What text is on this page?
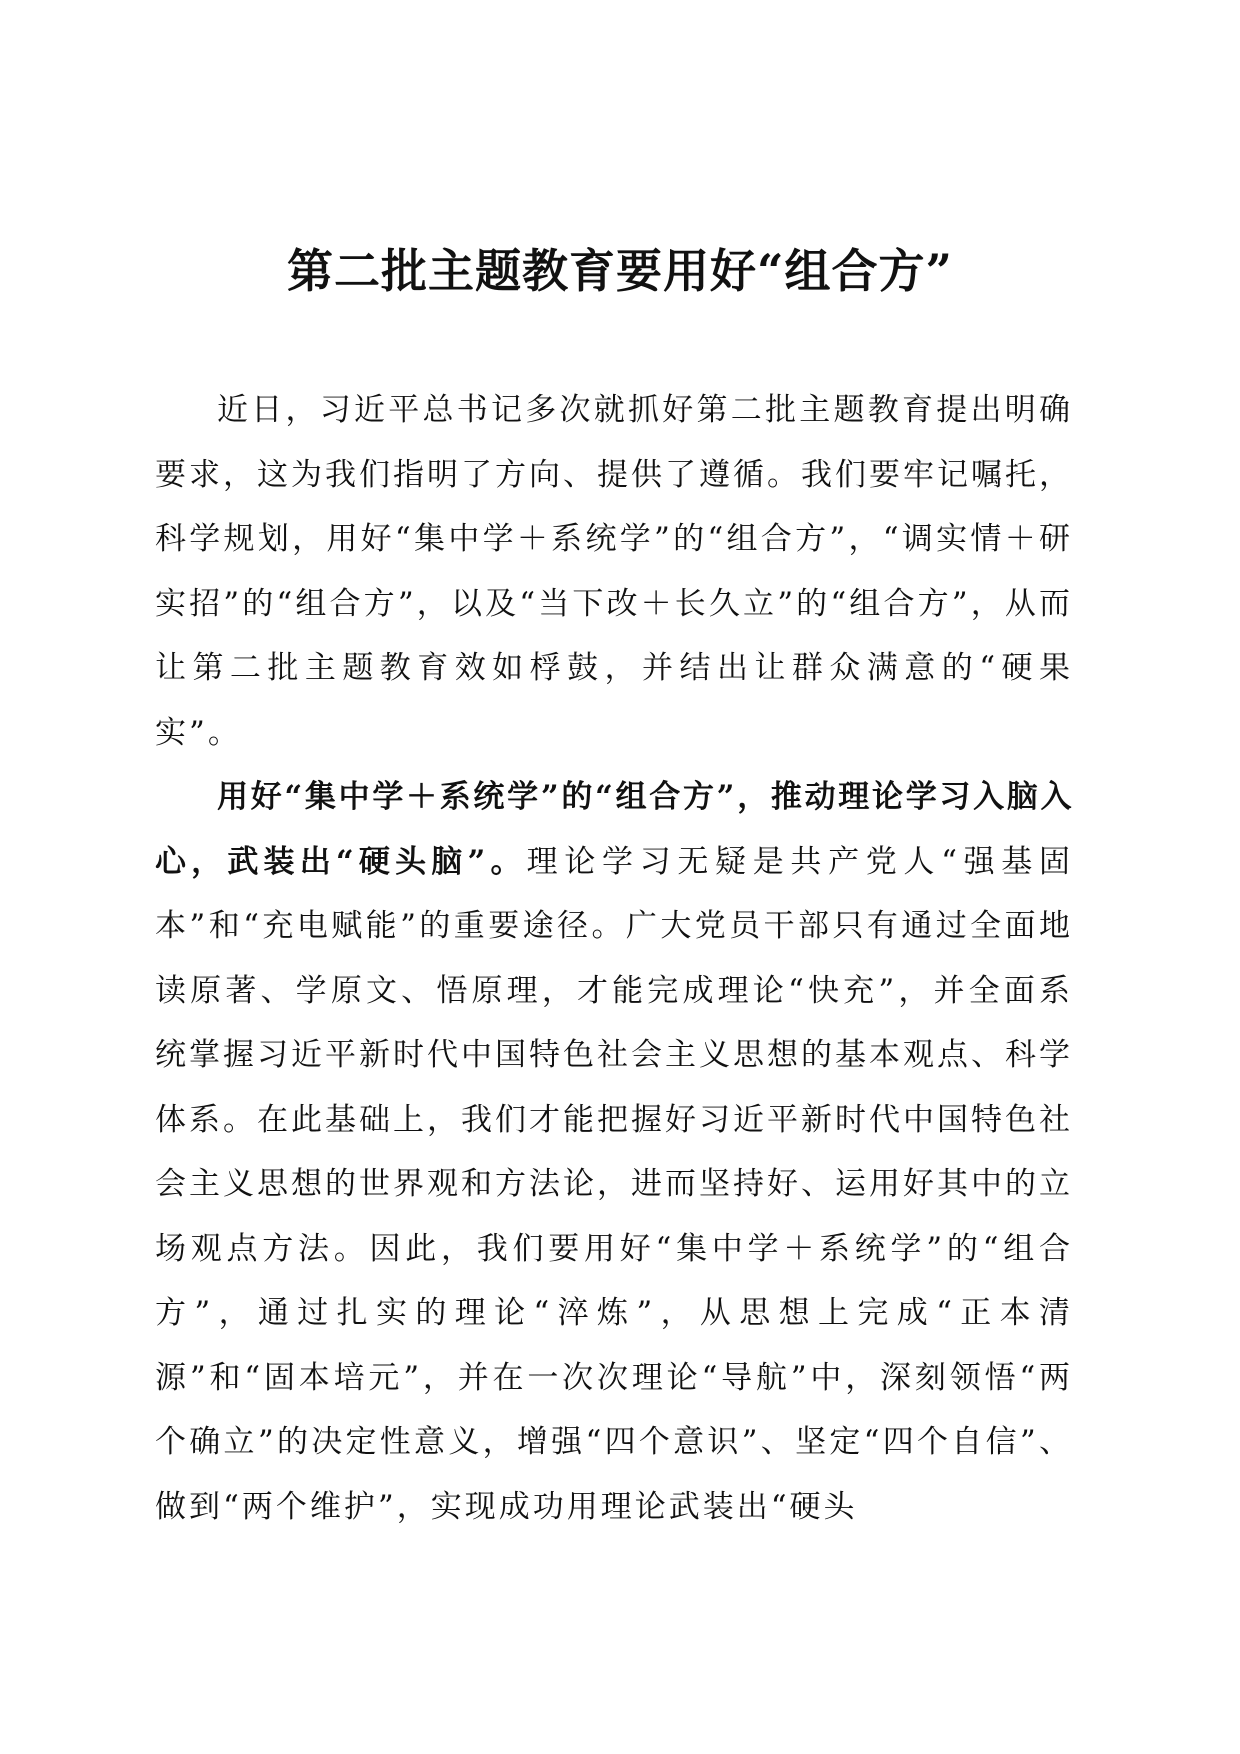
第二批主题教育要用好“组合方”

近日，习近平总书记多次就抓好第二批主题教育提出明确要求，这为我们指明了方向、提供了遵循。我们要牢记嘱托，科学规划，用好“集中学＋系统学”的“组合方”，“调实情＋研实招”的“组合方”，以及“当下改＋长久立”的“组合方”，从而让第二批主题教育效如桴鼓，并结出让群众满意的“硬果实”。

用好“集中学＋系统学”的“组合方”，推动理论学习入脑入心，武装出“硬头脑”。理论学习无疑是共产党人“强基固本”和“充电赋能”的重要途径。广大党员干部只有通过全面地读原著、学原文、悟原理，才能完成理论“快充”，并全面系统掌握习近平新时代中国特色社会主义思想的基本观点、科学体系。在此基础上，我们才能把握好习近平新时代中国特色社会主义思想的世界观和方法论，进而坚持好、运用好其中的立场观点方法。因此，我们要用好“集中学＋系统学”的“组合方”，通过扎实的理论“淬炼”，从思想上完成“正本清源”和“固本培元”，并在一次次理论“导航”中，深刻领悟“两个确立”的决定性意义，增强“四个意识”、坚定“四个自信”、做到“两个维护”，实现成功用理论武装出“硬头
